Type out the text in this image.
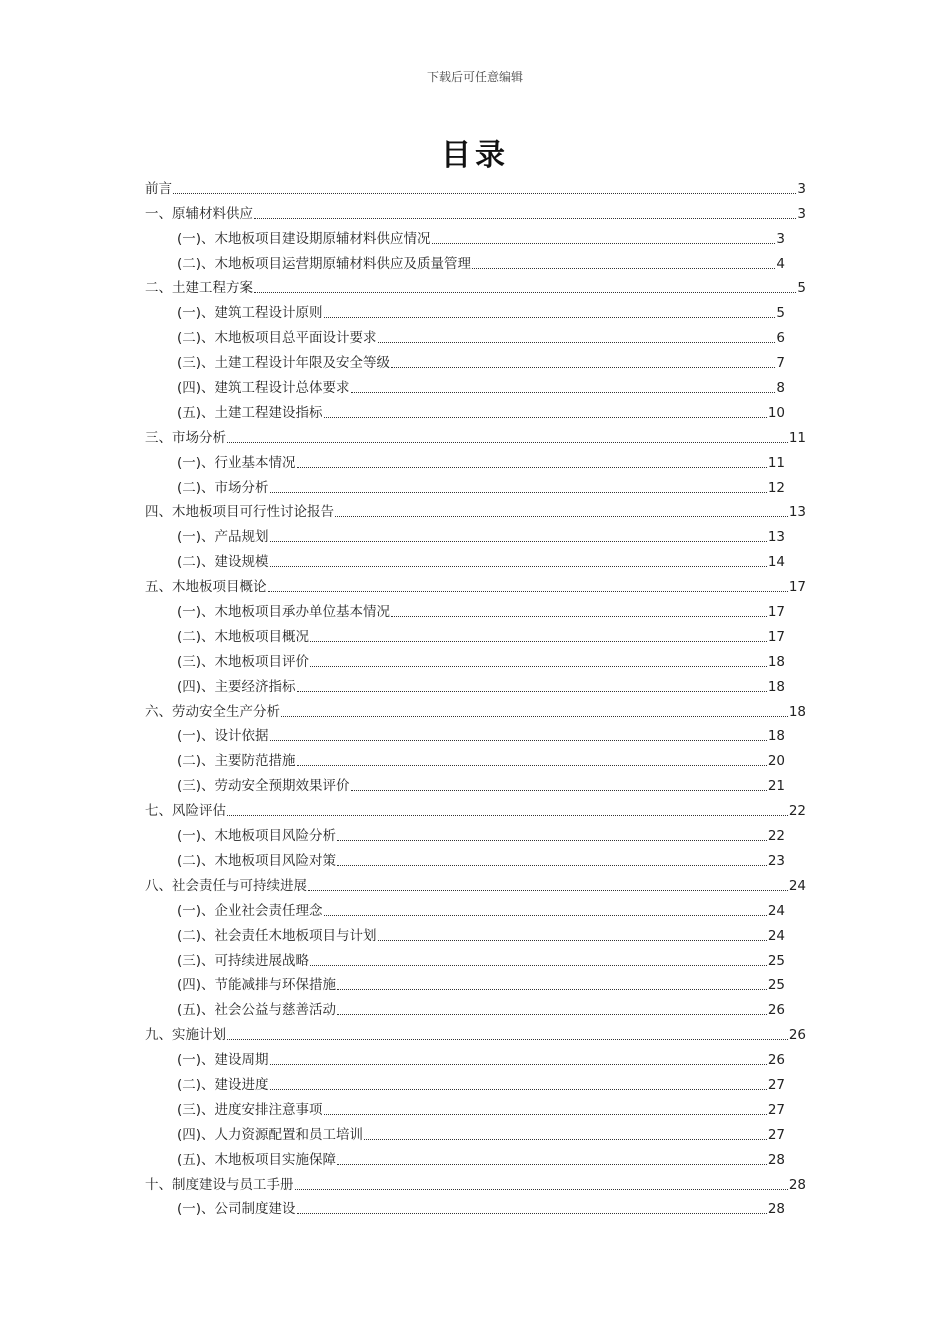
下载后可任意编辑
目录
前言	3
一、原辅材料供应	3
(一)、木地板项目建设期原辅材料供应情况	3
(二)、木地板项目运营期原辅材料供应及质量管理	4
二、土建工程方案	5
(一)、建筑工程设计原则	5
(二)、木地板项目总平面设计要求	6
(三)、土建工程设计年限及安全等级	7
(四)、建筑工程设计总体要求	8
(五)、土建工程建设指标	10
三、市场分析	11
(一)、行业基本情况	11
(二)、市场分析	12
四、木地板项目可行性讨论报告	13
(一)、产品规划	13
(二)、建设规模	14
五、木地板项目概论	17
(一)、木地板项目承办单位基本情况	17
(二)、木地板项目概况	17
(三)、木地板项目评价	18
(四)、主要经济指标	18
六、劳动安全生产分析	18
(一)、设计依据	18
(二)、主要防范措施	20
(三)、劳动安全预期效果评价	21
七、风险评估	22
(一)、木地板项目风险分析	22
(二)、木地板项目风险对策	23
八、社会责任与可持续进展	24
(一)、企业社会责任理念	24
(二)、社会责任木地板项目与计划	24
(三)、可持续进展战略	25
(四)、节能减排与环保措施	25
(五)、社会公益与慈善活动	26
九、实施计划	26
(一)、建设周期	26
(二)、建设进度	27
(三)、进度安排注意事项	27
(四)、人力资源配置和员工培训	27
(五)、木地板项目实施保障	28
十、制度建设与员工手册	28
(一)、公司制度建设	28
